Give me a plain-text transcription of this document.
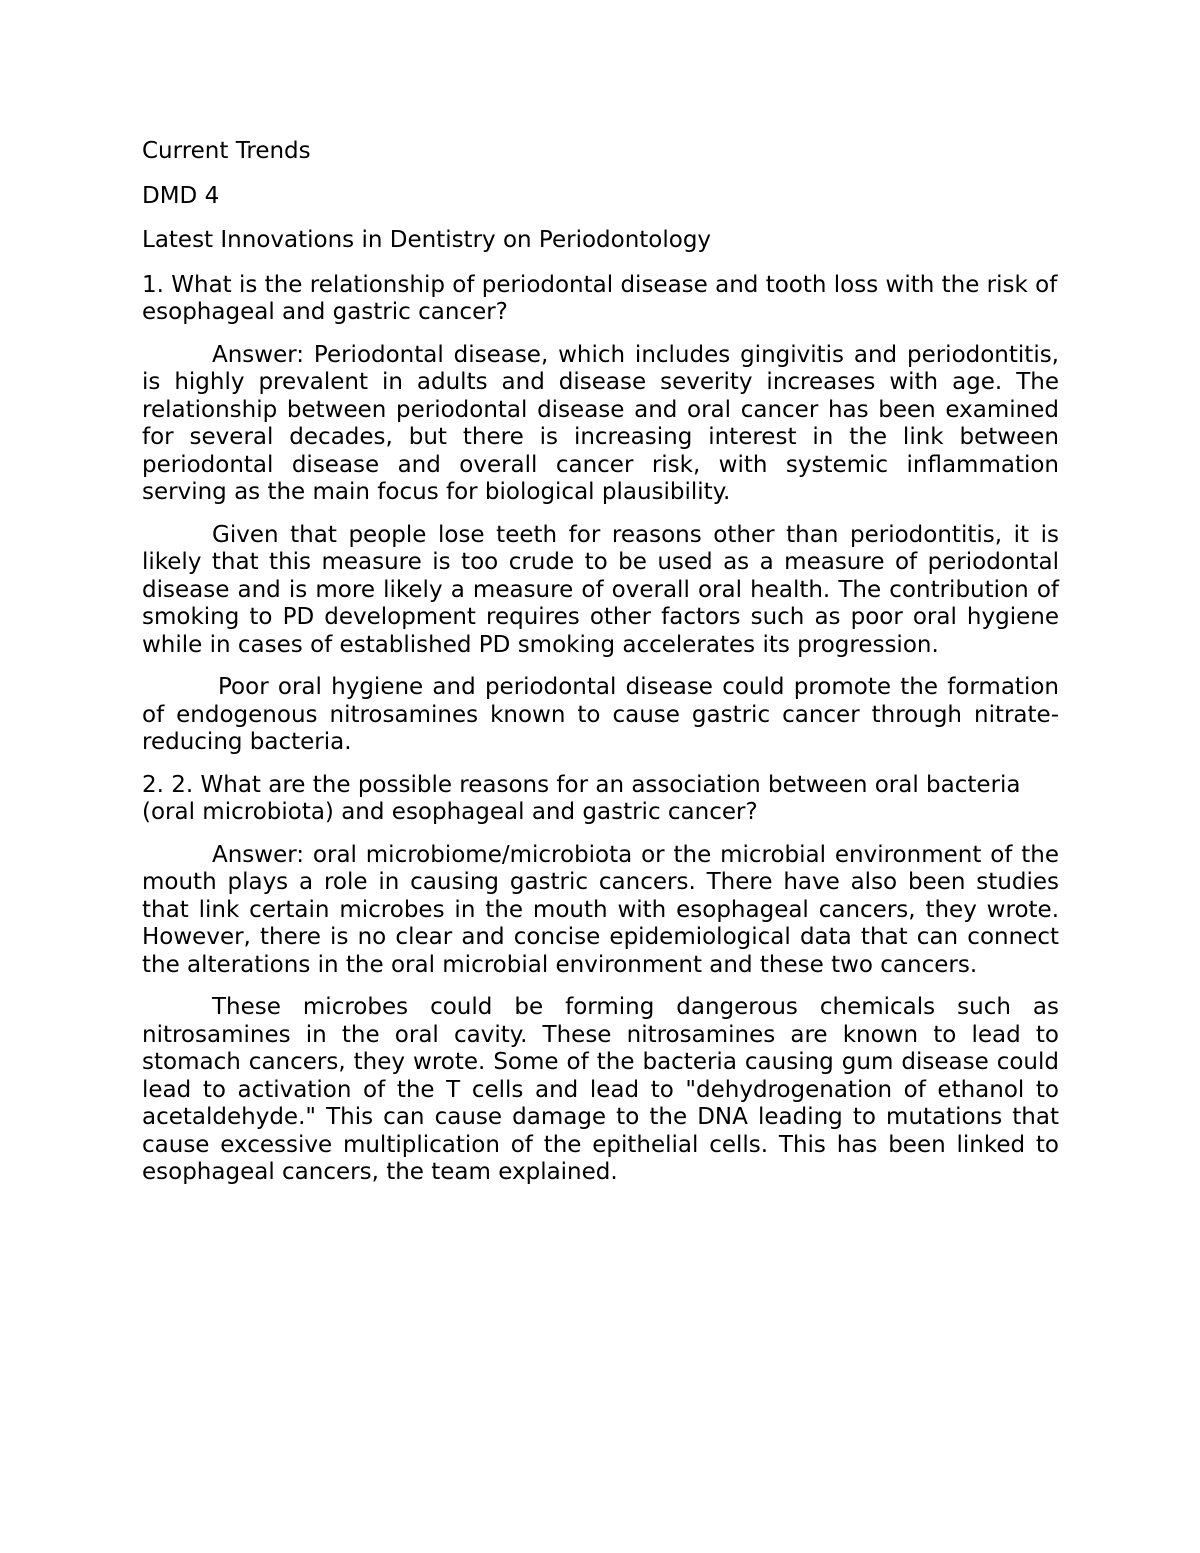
Current Trends

DMD 4

Latest Innovations in Dentistry on Periodontology

1. What is the relationship of periodontal disease and tooth loss with the risk of esophageal and gastric cancer?

Answer: Periodontal disease, which includes gingivitis and periodontitis, is highly prevalent in adults and disease severity increases with age. The relationship between periodontal disease and oral cancer has been examined for several decades, but there is increasing interest in the link between periodontal disease and overall cancer risk, with systemic inflammation serving as the main focus for biological plausibility.

Given that people lose teeth for reasons other than periodontitis, it is likely that this measure is too crude to be used as a measure of periodontal disease and is more likely a measure of overall oral health. The contribution of smoking to PD development requires other factors such as poor oral hygiene while in cases of established PD smoking accelerates its progression.

Poor oral hygiene and periodontal disease could promote the formation of endogenous nitrosamines known to cause gastric cancer through nitrate-reducing bacteria.

2. 2. What are the possible reasons for an association between oral bacteria (oral microbiota) and esophageal and gastric cancer?

Answer: oral microbiome/microbiota or the microbial environment of the mouth plays a role in causing gastric cancers. There have also been studies that link certain microbes in the mouth with esophageal cancers, they wrote. However, there is no clear and concise epidemiological data that can connect the alterations in the oral microbial environment and these two cancers.

These microbes could be forming dangerous chemicals such as nitrosamines in the oral cavity. These nitrosamines are known to lead to stomach cancers, they wrote. Some of the bacteria causing gum disease could lead to activation of the T cells and lead to "dehydrogenation of ethanol to acetaldehyde." This can cause damage to the DNA leading to mutations that cause excessive multiplication of the epithelial cells. This has been linked to esophageal cancers, the team explained.
